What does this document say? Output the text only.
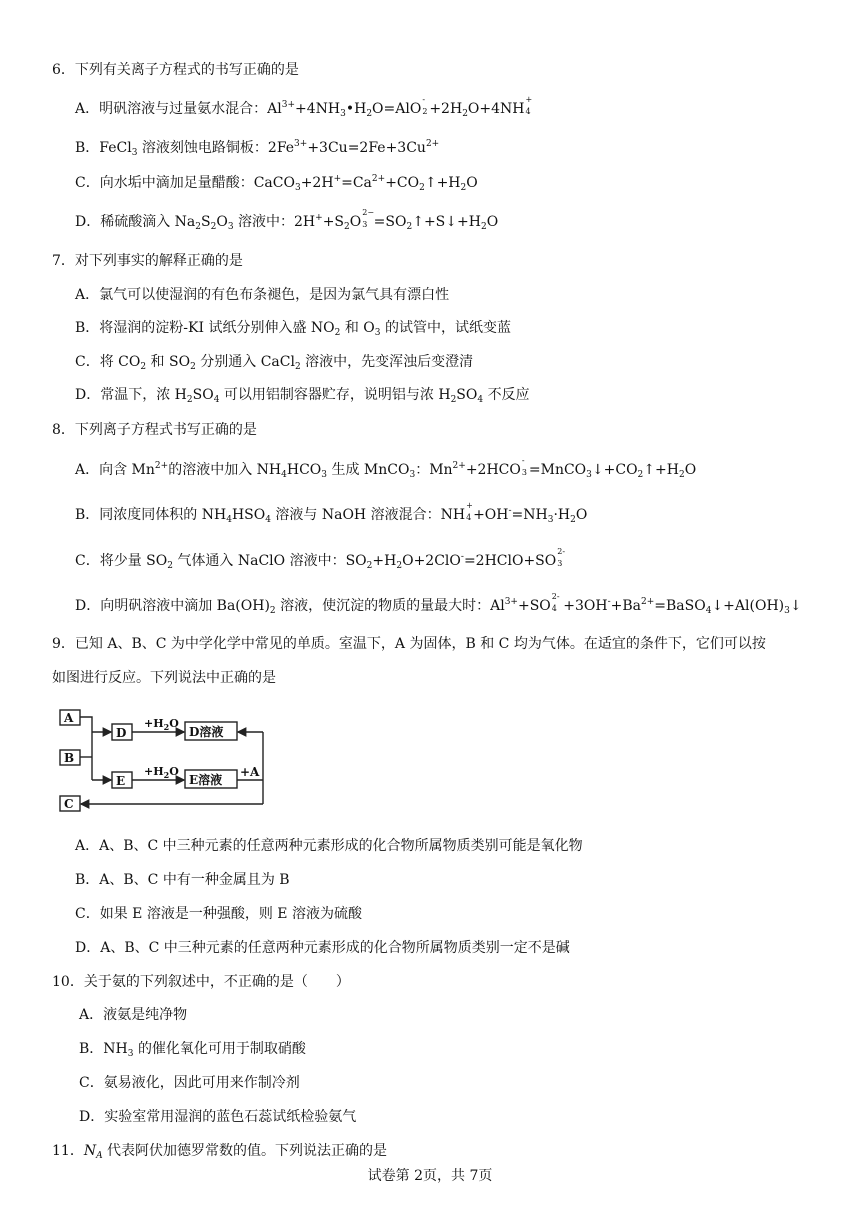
6．下列有关离子方程式的书写正确的是
A．明矾溶液与过量氨水混合：$Al^{3+}+4NH_3•H_2O=AlO$
-
$2 +2H_2O+4NH$
+
4
B．FeCl$_3$ 溶液刻蚀电路铜板：$2Fe^{3+}+3Cu=2Fe+3Cu^{2+}$
C．向水垢中滴加足量醋酸：$CaCO_3+2H^+=Ca^{2+}+CO_2↑+H_2O$
D．稀硫酸滴入 $Na_2S_2O_3$ 溶液中：$2H^++S_2O$
2−
$3 =SO_2↑+S↓+H_2O$
7．对下列事实的解释正确的是
A．氯气可以使湿润的有色布条褪色，是因为氯气具有漂白性
B．将湿润的淀粉-KI 试纸分别伸入盛 $NO_2$ 和 $O_3$ 的试管中，试纸变蓝
C．将 $CO_2$ 和 $SO_2$ 分别通入 CaCl$_2$ 溶液中，先变浑浊后变澄清
D．常温下，浓 $H_2SO_4$ 可以用铝制容器贮存，说明铝与浓 $H_2SO_4$ 不反应
8．下列离子方程式书写正确的是
A．向含 $Mn^{2+}$的溶液中加入 $NH_4HCO_3$ 生成 MnCO$_3$：$Mn^{2+}+2HCO$
-
$3 =MnCO_3↓+CO_2↑+H_2O$
B．同浓度同体积的 $NH_4HSO_4$ 溶液与 NaOH 溶液混合：NH
+
$4 +OH^-=NH_3\cdot H_2O$
C．将少量 $SO_2$ 气体通入 NaClO 溶液中：$SO_2+H_2O+2ClO^-=2HClO+SO$
2-
3
D．向明矾溶液中滴加 $Ba(OH)_2$ 溶液，使沉淀的物质的量最大时：$Al^{3+}+SO$
2-
$4 +3OH^-+Ba^{2+}=BaSO_4↓+Al(OH)_3↓$
9．已知 A、B、C 为中学化学中常见的单质。室温下，A 为固体，B 和 C 均为气体。在适宜的条件下，它们可以按
如图进行反应。下列说法中正确的是
A
B
C
D
E
D溶液
E溶液
+A
$+H_2O$
$+H_2O$
A．A、B、C 中三种元素的任意两种元素形成的化合物所属物质类别可能是氧化物
B．A、B、C 中有一种金属且为 B
C．如果 E 溶液是一种强酸，则 E 溶液为硫酸
D．A、B、C 中三种元素的任意两种元素形成的化合物所属物质类别一定不是碱
10．关于氨的下列叙述中，不正确的是（　　）
A．液氨是纯净物
B．$NH_3$ 的催化氧化可用于制取硝酸
C．氨易液化，因此可用来作制冷剂
D．实验室常用湿润的蓝色石蕊试纸检验氨气
11．$N_A$ 代表阿伏加德罗常数的值。下列说法正确的是
试卷第 2页，共 7页
